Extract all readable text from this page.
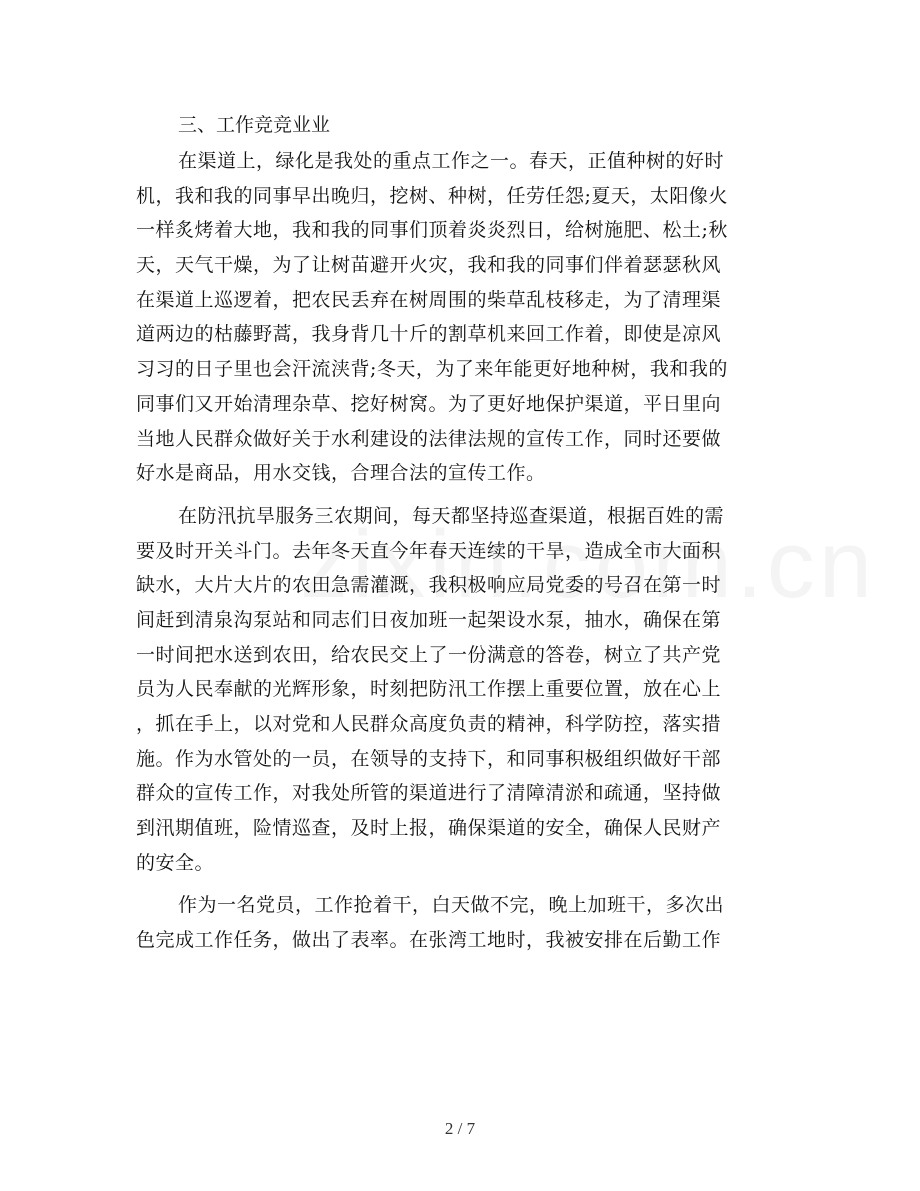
三、工作竞竞业业
在渠道上，绿化是我处的重点工作之一。春天，正值种树的好时
机，我和我的同事早出晚归，挖树、种树，任劳任怨;夏天，太阳像火
一样炙烤着大地，我和我的同事们顶着炎炎烈日，给树施肥、松土;秋
天，天气干燥，为了让树苗避开火灾，我和我的同事们伴着瑟瑟秋风
在渠道上巡逻着，把农民丢弃在树周围的柴草乱枝移走，为了清理渠
道两边的枯藤野蒿，我身背几十斤的割草机来回工作着，即使是凉风
习习的日子里也会汗流浃背;冬天，为了来年能更好地种树，我和我的
同事们又开始清理杂草、挖好树窝。为了更好地保护渠道，平日里向
当地人民群众做好关于水利建设的法律法规的宣传工作，同时还要做
好水是商品，用水交钱，合理合法的宣传工作。
在防汛抗旱服务三农期间，每天都坚持巡查渠道，根据百姓的需
要及时开关斗门。去年冬天直今年春天连续的干旱，造成全市大面积
缺水，大片大片的农田急需灌溉，我积极响应局党委的号召在第一时
间赶到清泉沟泵站和同志们日夜加班一起架设水泵，抽水，确保在第
一时间把水送到农田，给农民交上了一份满意的答卷，树立了共产党
员为人民奉献的光辉形象，时刻把防汛工作摆上重要位置，放在心上
，抓在手上，以对党和人民群众高度负责的精神，科学防控，落实措
施。作为水管处的一员，在领导的支持下，和同事积极组织做好干部
群众的宣传工作，对我处所管的渠道进行了清障清淤和疏通，坚持做
到汛期值班，险情巡查，及时上报，确保渠道的安全，确保人民财产
的安全。
作为一名党员，工作抢着干，白天做不完，晚上加班干，多次出
色完成工作任务，做出了表率。在张湾工地时，我被安排在后勤工作
2 / 7
